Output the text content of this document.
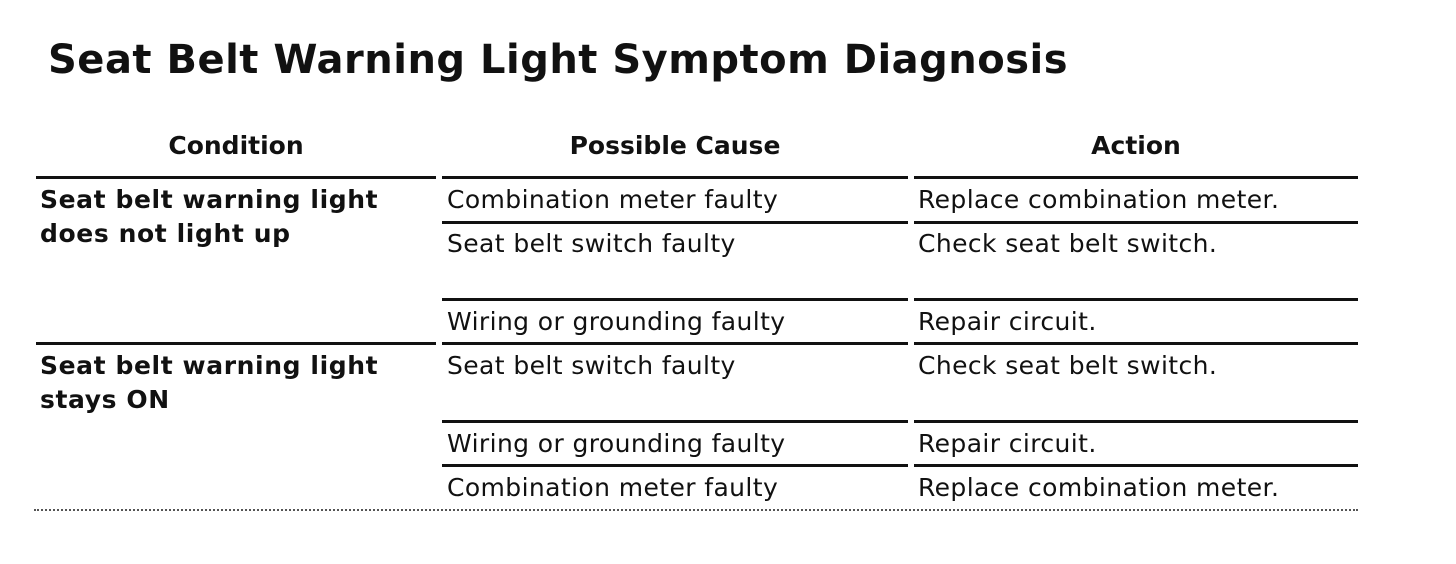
Seat Belt Warning Light Symptom Diagnosis
Condition	Possible Cause	Action
Seat belt warning light
does not light up
Combination meter faulty	Replace combination meter.
Seat belt switch faulty	Check seat belt switch.
Wiring or grounding faulty	Repair circuit.
Seat belt warning light
stays ON
Seat belt switch faulty	Check seat belt switch.
Wiring or grounding faulty	Repair circuit.
Combination meter faulty	Replace combination meter.
